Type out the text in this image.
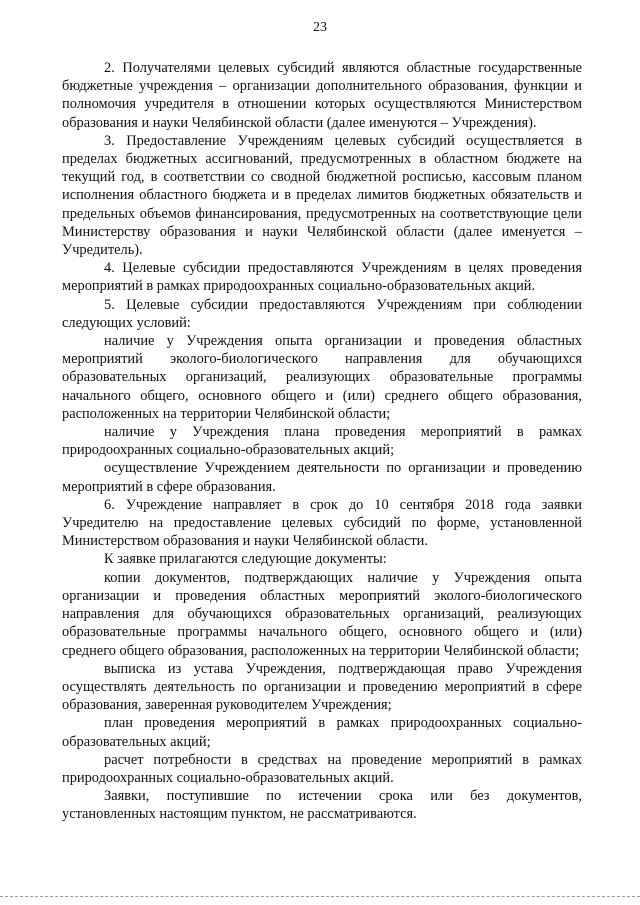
23

2. Получателями целевых субсидий являются областные государственные бюджетные учреждения – организации дополнительного образования, функции и полномочия учредителя в отношении которых осуществляются Министерством образования и науки Челябинской области (далее именуются – Учреждения).

3. Предоставление Учреждениям целевых субсидий осуществляется в пределах бюджетных ассигнований, предусмотренных в областном бюджете на текущий год, в соответствии со сводной бюджетной росписью, кассовым планом исполнения областного бюджета и в пределах лимитов бюджетных обязательств и предельных объемов финансирования, предусмотренных на соответствующие цели Министерству образования и науки Челябинской области (далее именуется – Учредитель).

4. Целевые субсидии предоставляются Учреждениям в целях проведения мероприятий в рамках природоохранных социально-образовательных акций.

5. Целевые субсидии предоставляются Учреждениям при соблюдении следующих условий:

наличие у Учреждения опыта организации и проведения областных мероприятий эколого-биологического направления для обучающихся образовательных организаций, реализующих образовательные программы начального общего, основного общего и (или) среднего общего образования, расположенных на территории Челябинской области;

наличие у Учреждения плана проведения мероприятий в рамках природоохранных социально-образовательных акций;

осуществление Учреждением деятельности по организации и проведению мероприятий в сфере образования.

6. Учреждение направляет в срок до 10 сентября 2018 года заявки Учредителю на предоставление целевых субсидий по форме, установленной Министерством образования и науки Челябинской области.

К заявке прилагаются следующие документы:

копии документов, подтверждающих наличие у Учреждения опыта организации и проведения областных мероприятий эколого-биологического направления для обучающихся образовательных организаций, реализующих образовательные программы начального общего, основного общего и (или) среднего общего образования, расположенных на территории Челябинской области;

выписка из устава Учреждения, подтверждающая право Учреждения осуществлять деятельность по организации и проведению мероприятий в сфере образования, заверенная руководителем Учреждения;

план проведения мероприятий в рамках природоохранных социально-образовательных акций;

расчет потребности в средствах на проведение мероприятий в рамках природоохранных социально-образовательных акций.

Заявки, поступившие по истечении срока или без документов, установленных настоящим пунктом, не рассматриваются.
